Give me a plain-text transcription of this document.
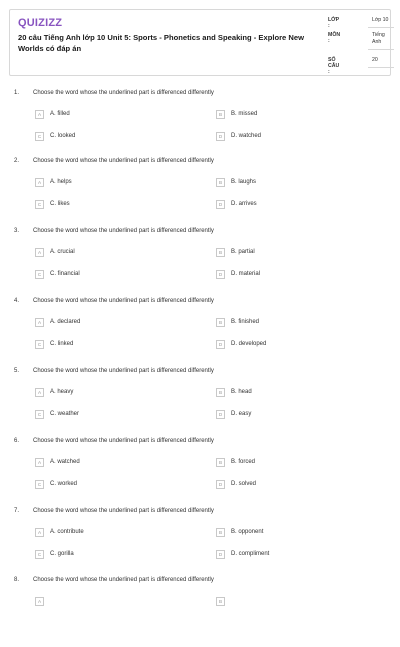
QUIZIZZ
20 câu Tiếng Anh lớp 10 Unit 5: Sports - Phonetics and Speaking - Explore New Worlds có đáp án
LỚP :
Lớp 10
MÔN :
Tiếng Anh
SỐ CÂU :
20
1. Choose the word whose the underlined part is differenced differently
A	A. filled	B	B. missed
C	C. looked	D	D. watched
2. Choose the word whose the underlined part is differenced differently
A	A. helps	B	B. laughs
C	C. likes	D	D. arrives
3. Choose the word whose the underlined part is differenced differently
A	A. crucial	B	B. partial
C	C. financial	D	D. material
4. Choose the word whose the underlined part is differenced differently
A	A. declared	B	B. finished
C	C. linked	D	D. developed
5. Choose the word whose the underlined part is differenced differently
A	A. heavy	B	B. head
C	C. weather	D	D. easy
6. Choose the word whose the underlined part is differenced differently
A	A. watched	B	B. forced
C	C. worked	D	D. solved
7. Choose the word whose the underlined part is differenced differently
A	A. contribute	B	B. opponent
C	C. gorilla	D	D. compliment
8. Choose the word whose the underlined part is differenced differently
A	B
